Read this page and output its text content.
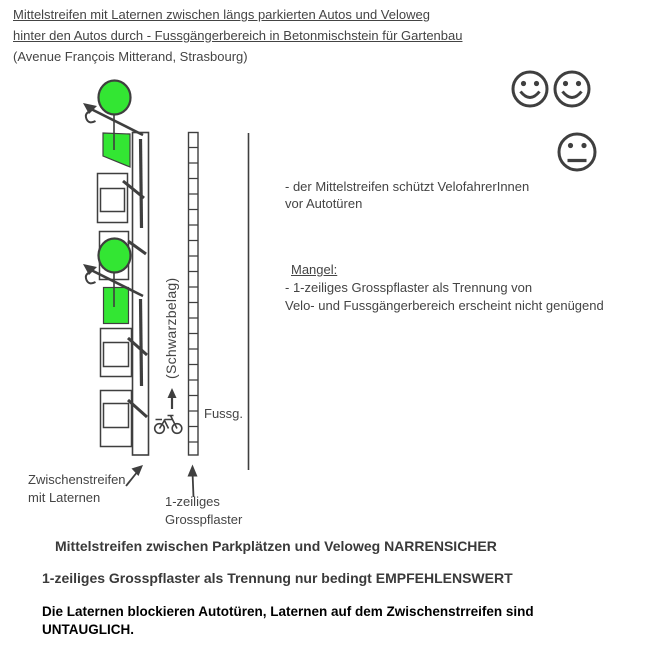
Mittelstreifen mit Laternen zwischen längs parkierten Autos und Veloweg
hinter den Autos durch - Fussgängerbereich in Betonmischstein für Gartenbau
(Avenue François Mitterand, Strasbourg)
(Schwarzbelag)
Fussg.
Zwischenstreifen
mit Laternen	1-zeiliges
Grosspflaster
- der Mittelstreifen schützt VelofahrerInnen
vor Autotüren
Mangel:
- 1-zeiliges Grosspflaster als Trennung von
Velo- und Fussgängerbereich erscheint nicht genügend
Mittelstreifen zwischen Parkplätzen und Veloweg NARRENSICHER
1-zeiliges Grosspflaster als Trennung nur bedingt EMPFEHLENSWERT
Die Laternen blockieren Autotüren, Laternen auf dem Zwischenstrreifen sind
UNTAUGLICH.
